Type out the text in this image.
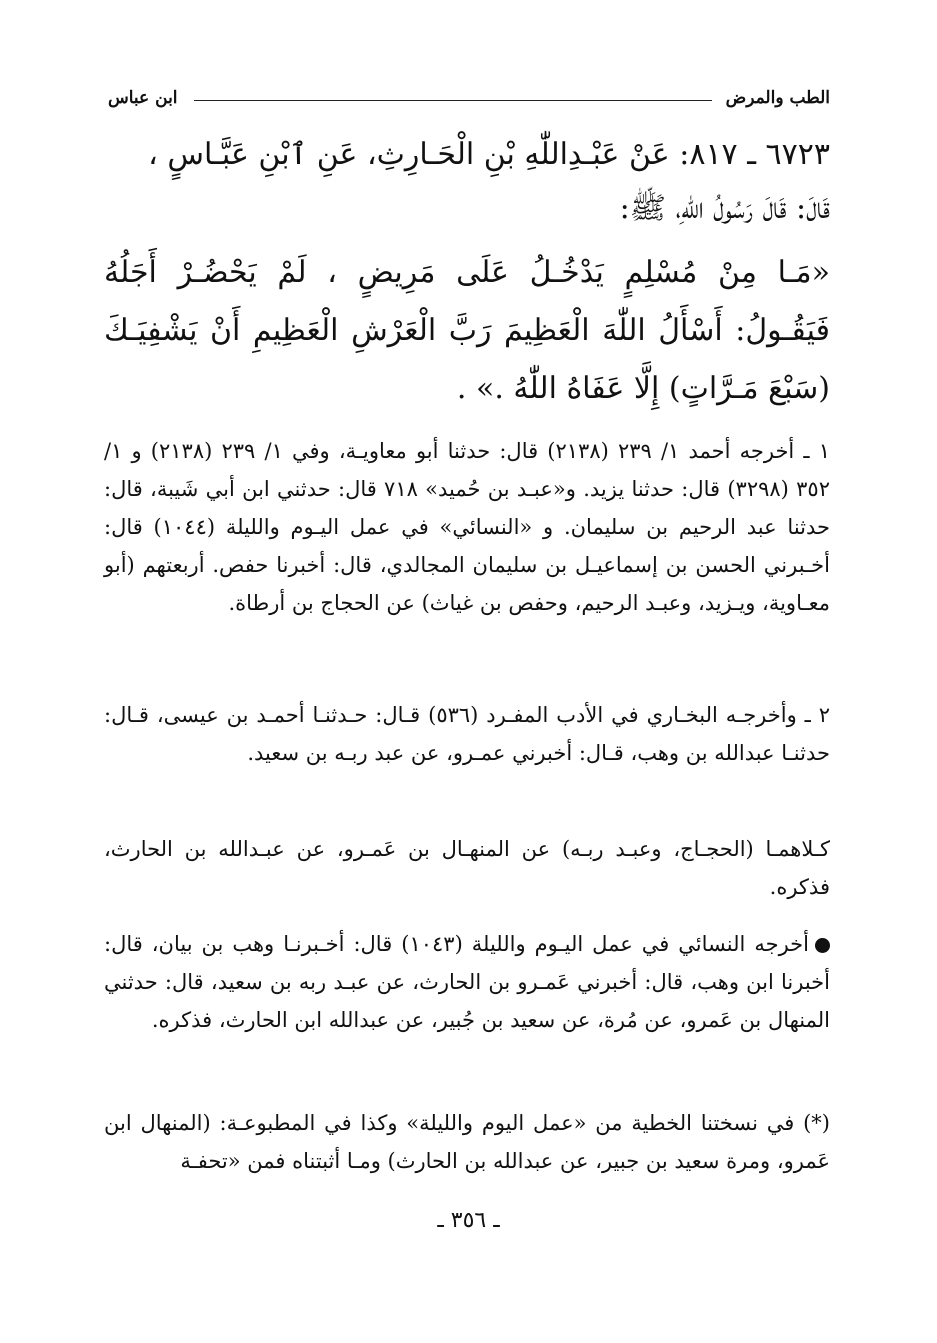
الطب والمرض
ابن عباس
٦٧٢٣ ـ ٨١٧: عَنْ عَبْـدِاللّٰهِ بْنِ الْحَـارِثِ، عَنِ ٱبْنِ عَبَّـاسٍ ،
قَالَ: قَالَ رَسُولُ اللّٰهِ، ﷺ:
«مَـا مِنْ مُسْلِمٍ يَدْخُـلُ عَلَى مَرِيضٍ ، لَمْ يَحْضُـرْ أَجَلُهُ فَيَقُـولُ: أَسْأَلُ اللّٰهَ الْعَظِيمَ رَبَّ الْعَرْشِ الْعَظِيمِ أَنْ يَشْفِيَـكَ (سَبْعَ مَـرَّاتٍ) إِلَّا عَفَاهُ اللّٰهُ .» .
١ ـ أخرجه أحمد ١/ ٢٣٩ (٢١٣٨) قال: حدثنا أبو معاويـة، وفي ١/ ٢٣٩ (٢١٣٨) و ١/ ٣٥٢ (٣٢٩٨) قال: حدثنا يزيد. و«عبـد بن حُميد» ٧١٨ قال: حدثني ابن أبي شَيبة، قال: حدثنا عبد الرحيم بن سليمان. و «النسائي» في عمل اليـوم والليلة (١٠٤٤) قال: أخـبرني الحسن بن إسماعيـل بن سليمان المجالدي، قال: أخبرنا حفص. أربعتهم (أبو معـاوية، ويـزيد، وعبـد الرحيم، وحفص بن غياث) عن الحجاج بن أرطاة.
٢ ـ وأخرجـه البخـاري في الأدب المفـرد (٥٣٦) قـال: حـدثنـا أحمـد بن عيسى، قـال: حدثنـا عبدالله بن وهب، قـال: أخبرني عمـرو، عن عبد ربـه بن سعيد.
كـلاهمـا (الحجـاج، وعبـد ربـه) عن المنهـال بن عَمـرو، عن عبـدالله بن الحارث، فذكره.
أخرجه النسائي في عمل اليـوم والليلة (١٠٤٣) قال: أخـبرنـا وهب بن بيان، قال: أخبرنا ابن وهب، قال: أخبرني عَمـرو بن الحارث، عن عبـد ربه بن سعيد، قال: حدثني المنهال بن عَمرو، عن مُرة، عن سعيد بن جُبير، عن عبدالله ابن الحارث، فذكره.
(*) في نسختنا الخطية من «عمل اليوم والليلة» وكذا في المطبوعـة: (المنهال ابن عَمرو، ومرة سعيد بن جبير، عن عبدالله بن الحارث) ومـا أثبتناه فمن «تحفـة
ـ ٣٥٦ ـ
